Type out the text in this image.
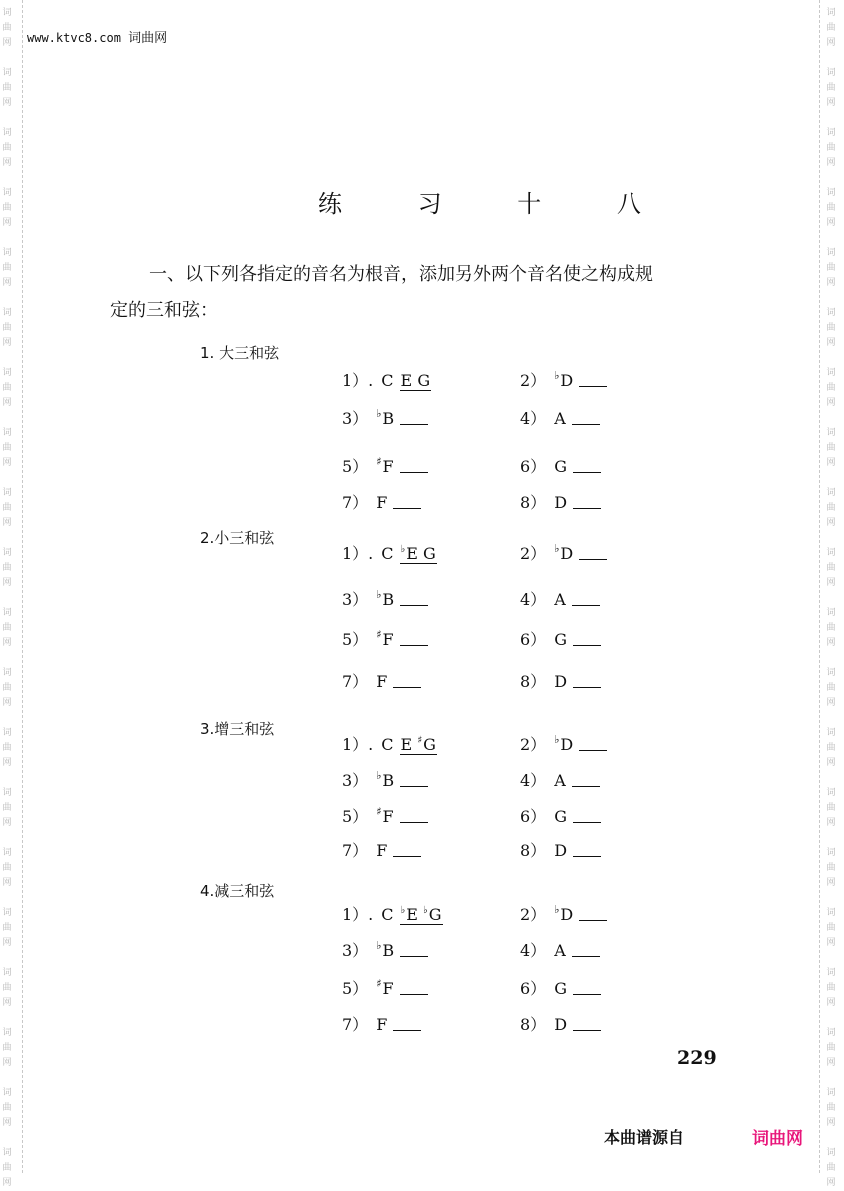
词
曲
网
词
曲
网
词
曲
网
词
曲
网
词
曲
网
词
曲
网
词
曲
网
词
曲
网
词
曲
网
词
曲
网
词
曲
网
词
曲
网
词
曲
网
词
曲
网
词
曲
网
词
曲
网
词
曲
网
词
曲
网
词
曲
网
词
曲
网
词
曲
网
词
曲
网
词
曲
网
词
曲
网
词
曲
网
词
曲
网
词
曲
网
词
曲
网
词
曲
网
词
曲
网
词
曲
网
词
曲
网
词
曲
网
词
曲
网
词
曲
网
词
曲
网
词
曲
网
词
曲
网
词
曲
网
词
曲
网
www.ktvc8.com 词曲网
练 习 十 八
一、以下列各指定的音名为根音，添加另外两个音名使之构成规
定的三和弦：
1. 大三和弦
1）. C E G	2） ♭D
3） ♭B	4） A
5） ♯F	6） G
7） F	8） D
2.小三和弦
1）. C ♭E G	2） ♭D
3） ♭B	4） A
5） ♯F	6） G
7） F	8） D
3.增三和弦
1）. C E ♯G	2） ♭D
3） ♭B	4） A
5） ♯F	6） G
7） F	8） D
4.减三和弦
1）. C ♭E ♭G	2） ♭D
3） ♭B	4） A
5） ♯F	6） G
7） F	8） D
229
本曲谱源自	词曲网
